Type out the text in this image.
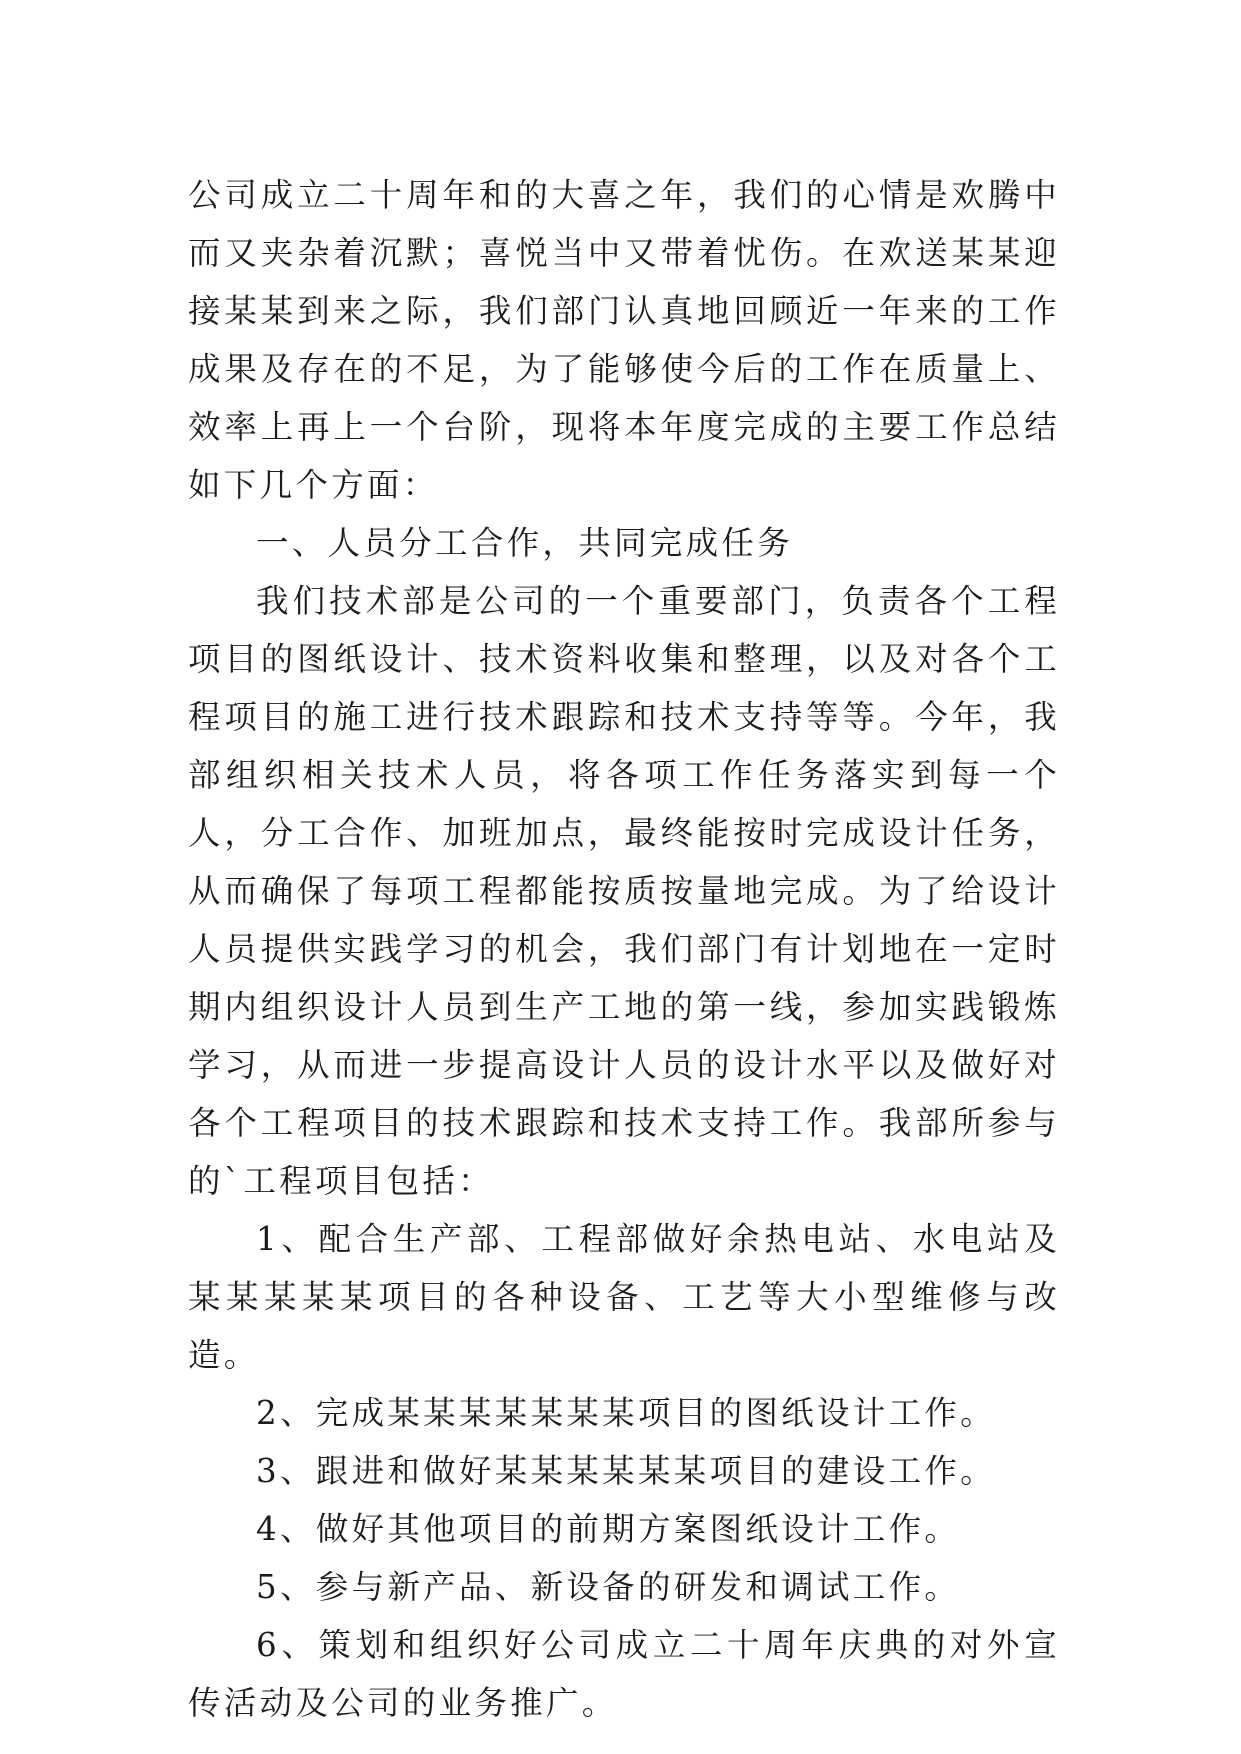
公司成立二十周年和的大喜之年，我们的心情是欢腾中而又夹杂着沉默；喜悦当中又带着忧伤。在欢送某某迎接某某到来之际，我们部门认真地回顾近一年来的工作成果及存在的不足，为了能够使今后的工作在质量上、效率上再上一个台阶，现将本年度完成的主要工作总结如下几个方面：

一、人员分工合作，共同完成任务

我们技术部是公司的一个重要部门，负责各个工程项目的图纸设计、技术资料收集和整理，以及对各个工程项目的施工进行技术跟踪和技术支持等等。今年，我部组织相关技术人员，将各项工作任务落实到每一个人，分工合作、加班加点，最终能按时完成设计任务，从而确保了每项工程都能按质按量地完成。为了给设计人员提供实践学习的机会，我们部门有计划地在一定时期内组织设计人员到生产工地的第一线，参加实践锻炼学习，从而进一步提高设计人员的设计水平以及做好对各个工程项目的技术跟踪和技术支持工作。我部所参与的`工程项目包括：

1、配合生产部、工程部做好余热电站、水电站及某某某某某项目的各种设备、工艺等大小型维修与改造。

2、完成某某某某某某某项目的图纸设计工作。

3、跟进和做好某某某某某某项目的建设工作。

4、做好其他项目的前期方案图纸设计工作。

5、参与新产品、新设备的研发和调试工作。

6、策划和组织好公司成立二十周年庆典的对外宣传活动及公司的业务推广。
